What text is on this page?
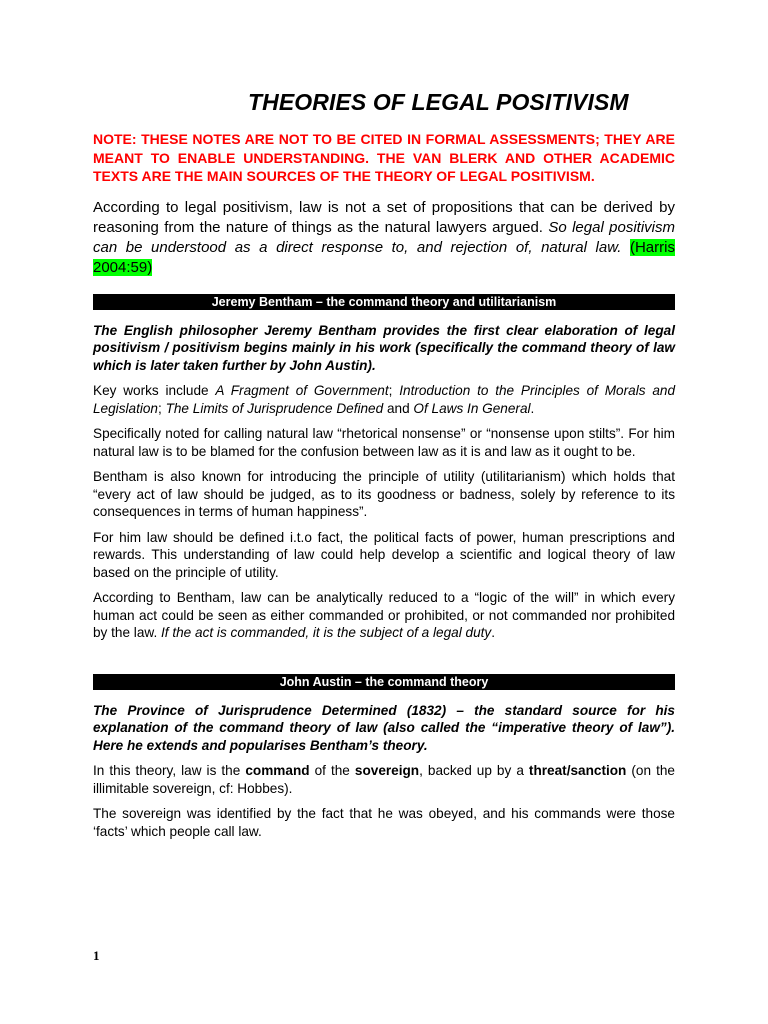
THEORIES OF LEGAL POSITIVISM

NOTE: THESE NOTES ARE NOT TO BE CITED IN FORMAL ASSESSMENTS; THEY ARE MEANT TO ENABLE UNDERSTANDING. THE VAN BLERK AND OTHER ACADEMIC TEXTS ARE THE MAIN SOURCES OF THE THEORY OF LEGAL POSITIVISM.

According to legal positivism, law is not a set of propositions that can be derived by reasoning from the nature of things as the natural lawyers argued. So legal positivism can be understood as a direct response to, and rejection of, natural law. (Harris 2004:59)

Jeremy Bentham – the command theory and utilitarianism

The English philosopher Jeremy Bentham provides the first clear elaboration of legal positivism / positivism begins mainly in his work (specifically the command theory of law which is later taken further by John Austin).

Key works include A Fragment of Government; Introduction to the Principles of Morals and Legislation; The Limits of Jurisprudence Defined and Of Laws In General.

Specifically noted for calling natural law “rhetorical nonsense” or “nonsense upon stilts”. For him natural law is to be blamed for the confusion between law as it is and law as it ought to be.

Bentham is also known for introducing the principle of utility (utilitarianism) which holds that “every act of law should be judged, as to its goodness or badness, solely by reference to its consequences in terms of human happiness”.

For him law should be defined i.t.o fact, the political facts of power, human prescriptions and rewards. This understanding of law could help develop a scientific and logical theory of law based on the principle of utility.

According to Bentham, law can be analytically reduced to a “logic of the will” in which every human act could be seen as either commanded or prohibited, or not commanded nor prohibited by the law. If the act is commanded, it is the subject of a legal duty.

John Austin – the command theory

The Province of Jurisprudence Determined (1832) – the standard source for his explanation of the command theory of law (also called the “imperative theory of law”). Here he extends and popularises Bentham’s theory.

In this theory, law is the command of the sovereign, backed up by a threat/sanction (on the illimitable sovereign, cf: Hobbes).

The sovereign was identified by the fact that he was obeyed, and his commands were those ‘facts’ which people call law.

1
